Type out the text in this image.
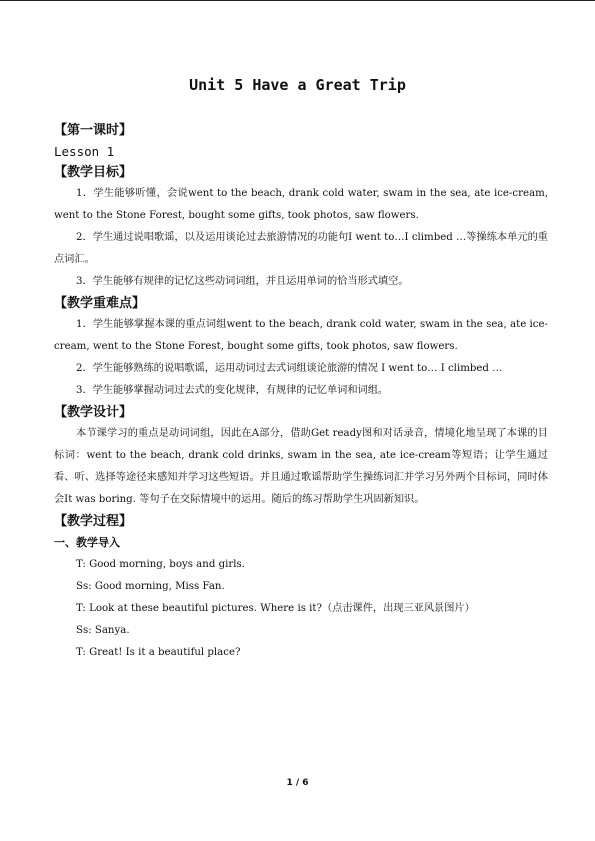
Unit 5 Have a Great Trip
【第一课时】
Lesson 1
【教学目标】

1．学生能够听懂，会说went to the beach, drank cold water, swam in the sea, ate ice-cream, went to the Stone Forest, bought some gifts, took photos, saw flowers.

2．学生通过说唱歌谣，以及运用谈论过去旅游情况的功能句I went to…I climbed …等操练本单元的重点词汇。

3．学生能够有规律的记忆这些动词词组，并且运用单词的恰当形式填空。

【教学重难点】

1．学生能够掌握本课的重点词组went to the beach, drank cold water, swam in the sea, ate ice-cream, went to the Stone Forest, bought some gifts, took photos, saw flowers.

2．学生能够熟练的说唱歌谣，运用动词过去式词组谈论旅游的情况 I went to… I climbed …

3．学生能够掌握动词过去式的变化规律，有规律的记忆单词和词组。

【教学设计】

本节课学习的重点是动词词组，因此在A部分，借助Get ready图和对话录音，情境化地呈现了本课的目标词：went to the beach, drank cold drinks, swam in the sea, ate ice-cream等短语；让学生通过看、听、选择等途径来感知并学习这些短语。并且通过歌谣帮助学生操练词汇并学习另外两个目标词，同时体会It was boring. 等句子在交际情境中的运用。随后的练习帮助学生巩固新知识。

【教学过程】
一、教学导入

T: Good morning, boys and girls.

Ss: Good morning, Miss Fan.

T: Look at these beautiful pictures. Where is it?（点击课件，出现三亚风景图片）

Ss: Sanya.

T: Great! Is it a beautiful place?

1 / 6
